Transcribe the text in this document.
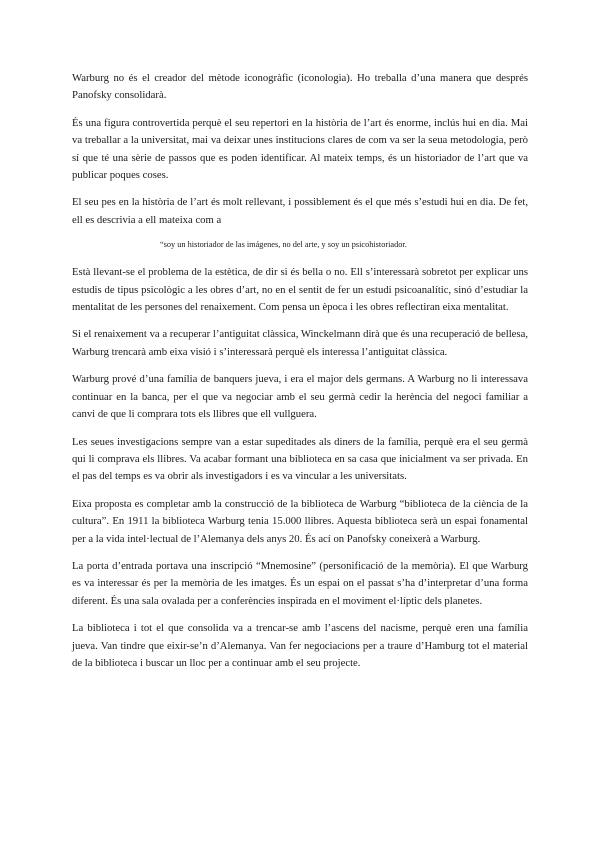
Warburg no és el creador del mètode iconogràfic (iconologia). Ho treballa d’una manera que després Panofsky consolidarà.

És una figura controvertida perquè el seu repertori en la història de l’art és enorme, inclús hui en dia. Mai va treballar a la universitat, mai va deixar unes institucions clares de com va ser la seua metodologia, però sí que té una sèrie de passos que es poden identificar. Al mateix temps, és un historiador de l’art que va publicar poques coses.

El seu pes en la història de l’art és molt rellevant, i possiblement és el que més s’estudi hui en dia. De fet, ell es descrivia a ell mateixa com a

“soy un historiador de las imágenes, no del arte, y soy un psicohistoriador.

Està llevant-se el problema de la estètica, de dir si és bella o no. Ell s’interessarà sobretot per explicar uns estudis de tipus psicològic a les obres d’art, no en el sentit de fer un estudi psicoanalític, sinó d’estudiar la mentalitat de les persones del renaixement. Com pensa un època i les obres reflectiran eixa mentalitat.

Si el renaixement va a recuperar l’antiguitat clàssica, Winckelmann dirà que és una recuperació de bellesa, Warburg trencarà amb eixa visió i s’interessarà perquè els interessa l’antiguitat clàssica.

Warburg prové d’una família de banquers jueva, i era el major dels germans. A Warburg no li interessava continuar en la banca, per el que va negociar amb el seu germà cedir la herència del negoci familiar a canvi de que li comprara tots els llibres que ell vullguera.

Les seues investigacions sempre van a estar supeditades als diners de la família, perquè era el seu germà qui li comprava els llibres. Va acabar formant una biblioteca en sa casa que inicialment va ser privada. En el pas del temps es va obrir als investigadors i es va vincular a les universitats.

Eixa proposta es completar amb la construcció de la biblioteca de Warburg “biblioteca de la ciència de la cultura”. En 1911 la biblioteca Warburg tenia 15.000 llibres. Aquesta biblioteca serà un espai fonamental per a la vida intel·lectual de l’Alemanya dels anys 20. És ací on Panofsky coneixerà a Warburg.

La porta d’entrada portava una inscripció “Mnemosine” (personificació de la memòria). El que Warburg es va interessar és per la memòria de les imatges. És un espai on el passat s’ha d’interpretar d’una forma diferent. És una sala ovalada per a conferències inspirada en el moviment el·líptic dels planetes.

La biblioteca i tot el que consolida va a trencar-se amb l’ascens del nacisme, perquè eren una família jueva. Van tindre que eixir-se’n d’Alemanya. Van fer negociacions per a traure d’Hamburg tot el material de la biblioteca i buscar un lloc per a continuar amb el seu projecte.
